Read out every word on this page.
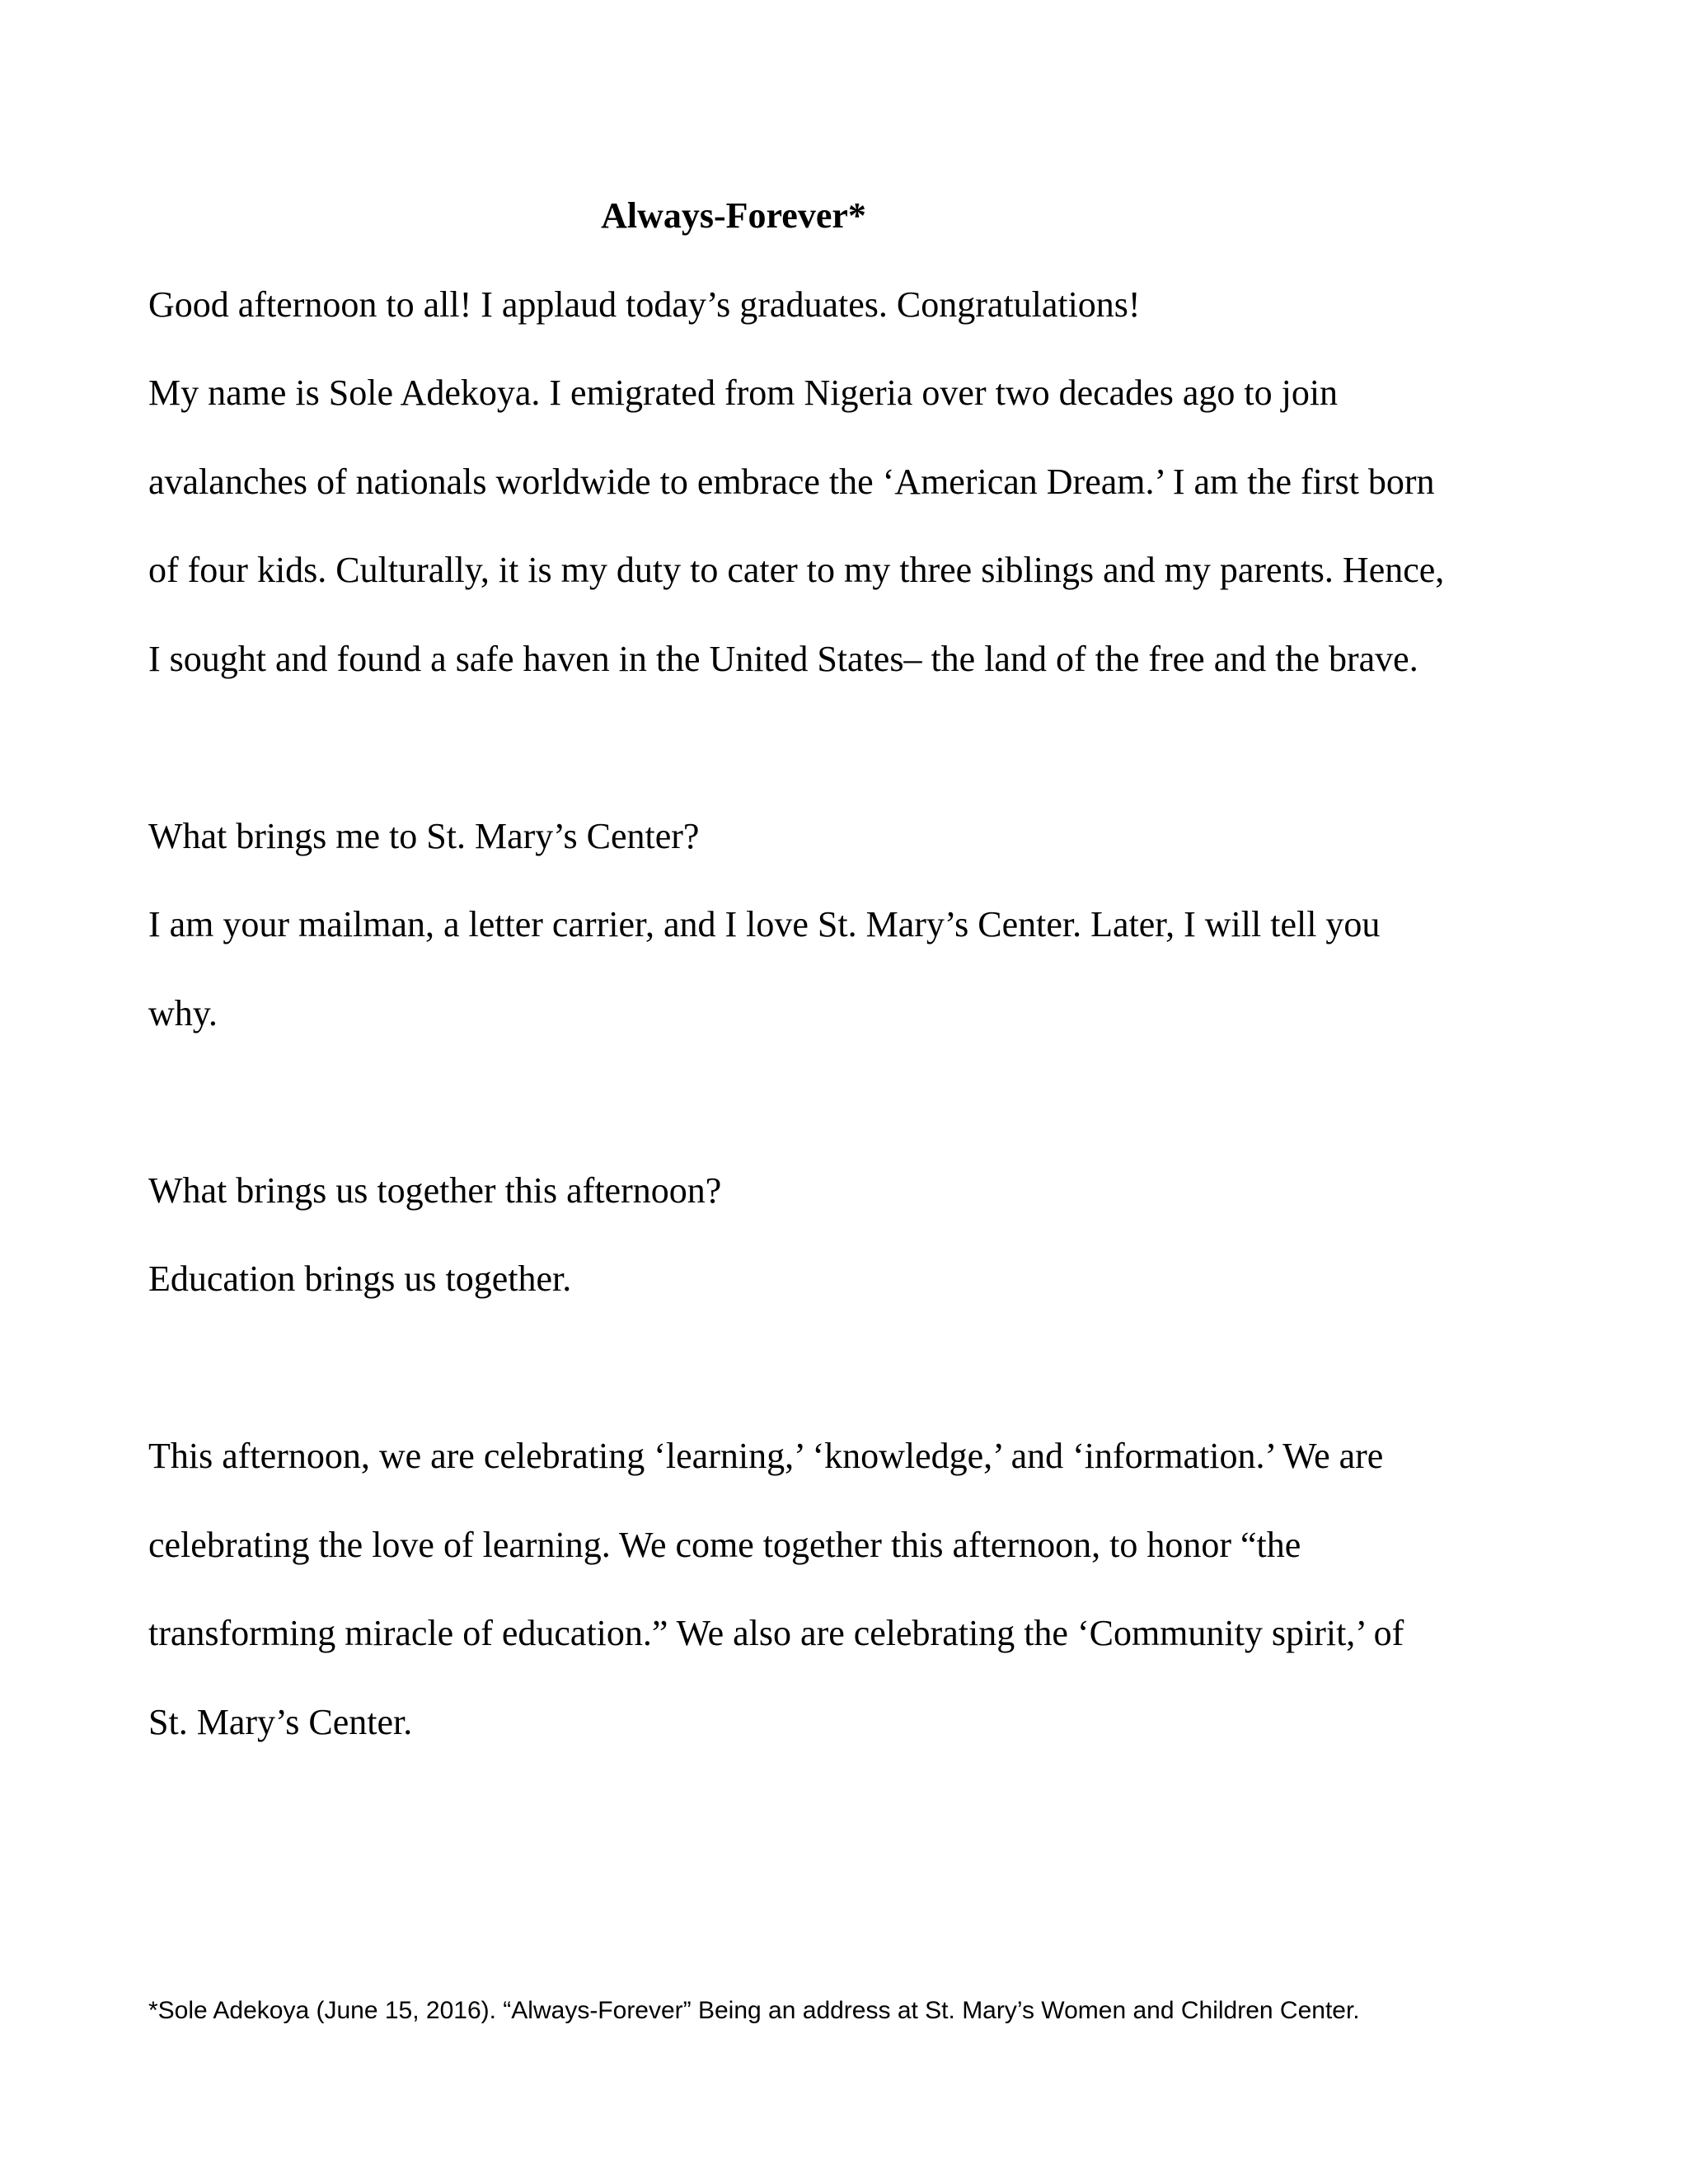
Always-Forever*
Good afternoon to all! I applaud today’s graduates. Congratulations!
My name is Sole Adekoya. I emigrated from Nigeria over two decades ago to join
avalanches of nationals worldwide to embrace the ‘American Dream.’ I am the first born
of four kids. Culturally, it is my duty to cater to my three siblings and my parents. Hence,
I sought and found a safe haven in the United States– the land of the free and the brave.
What brings me to St. Mary’s Center?
I am your mailman, a letter carrier, and I love St. Mary’s Center. Later, I will tell you
why.
What brings us together this afternoon?
Education brings us together.
This afternoon, we are celebrating ‘learning,’ ‘knowledge,’ and ‘information.’ We are
celebrating the love of learning. We come together this afternoon, to honor “the
transforming miracle of education.” We also are celebrating the ‘Community spirit,’ of
St. Mary’s Center.
*Sole Adekoya (June 15, 2016). “Always-Forever” Being an address at St. Mary’s Women and Children Center.
